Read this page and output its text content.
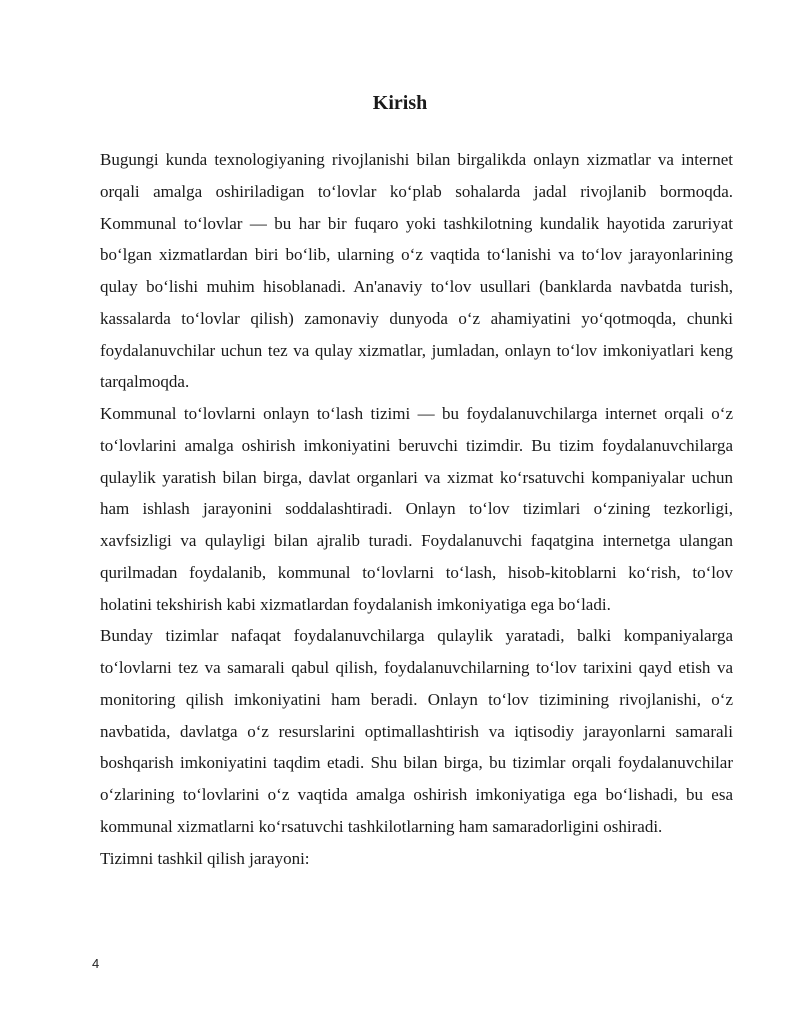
Kirish

Bugungi kunda texnologiyaning rivojlanishi bilan birgalikda onlayn xizmatlar va internet orqali amalga oshiriladigan to‘lovlar ko‘plab sohalarda jadal rivojlanib bormoqda. Kommunal to‘lovlar — bu har bir fuqaro yoki tashkilotning kundalik hayotida zaruriyat bo‘lgan xizmatlardan biri bo‘lib, ularning o‘z vaqtida to‘lanishi va to‘lov jarayonlarining qulay bo‘lishi muhim hisoblanadi. An'anaviy to‘lov usullari (banklarda navbatda turish, kassalarda to‘lovlar qilish) zamonaviy dunyoda o‘z ahamiyatini yo‘qotmoqda, chunki foydalanuvchilar uchun tez va qulay xizmatlar, jumladan, onlayn to‘lov imkoniyatlari keng tarqalmoqda.

Kommunal to‘lovlarni onlayn to‘lash tizimi — bu foydalanuvchilarga internet orqali o‘z to‘lovlarini amalga oshirish imkoniyatini beruvchi tizimdir. Bu tizim foydalanuvchilarga qulaylik yaratish bilan birga, davlat organlari va xizmat ko‘rsatuvchi kompaniyalar uchun ham ishlash jarayonini soddalashtiradi. Onlayn to‘lov tizimlari o‘zining tezkorligi, xavfsizligi va qulayligi bilan ajralib turadi. Foydalanuvchi faqatgina internetga ulangan qurilmadan foydalanib, kommunal to‘lovlarni to‘lash, hisob-kitoblarni ko‘rish, to‘lov holatini tekshirish kabi xizmatlardan foydalanish imkoniyatiga ega bo‘ladi.

Bunday tizimlar nafaqat foydalanuvchilarga qulaylik yaratadi, balki kompaniyalarga to‘lovlarni tez va samarali qabul qilish, foydalanuvchilarning to‘lov tarixini qayd etish va monitoring qilish imkoniyatini ham beradi. Onlayn to‘lov tizimining rivojlanishi, o‘z navbatida, davlatga o‘z resurslarini optimallashtirish va iqtisodiy jarayonlarni samarali boshqarish imkoniyatini taqdim etadi. Shu bilan birga, bu tizimlar orqali foydalanuvchilar o‘zlarining to‘lovlarini o‘z vaqtida amalga oshirish imkoniyatiga ega bo‘lishadi, bu esa kommunal xizmatlarni ko‘rsatuvchi tashkilotlarning ham samaradorligini oshiradi.

Tizimni tashkil qilish jarayoni:

4
